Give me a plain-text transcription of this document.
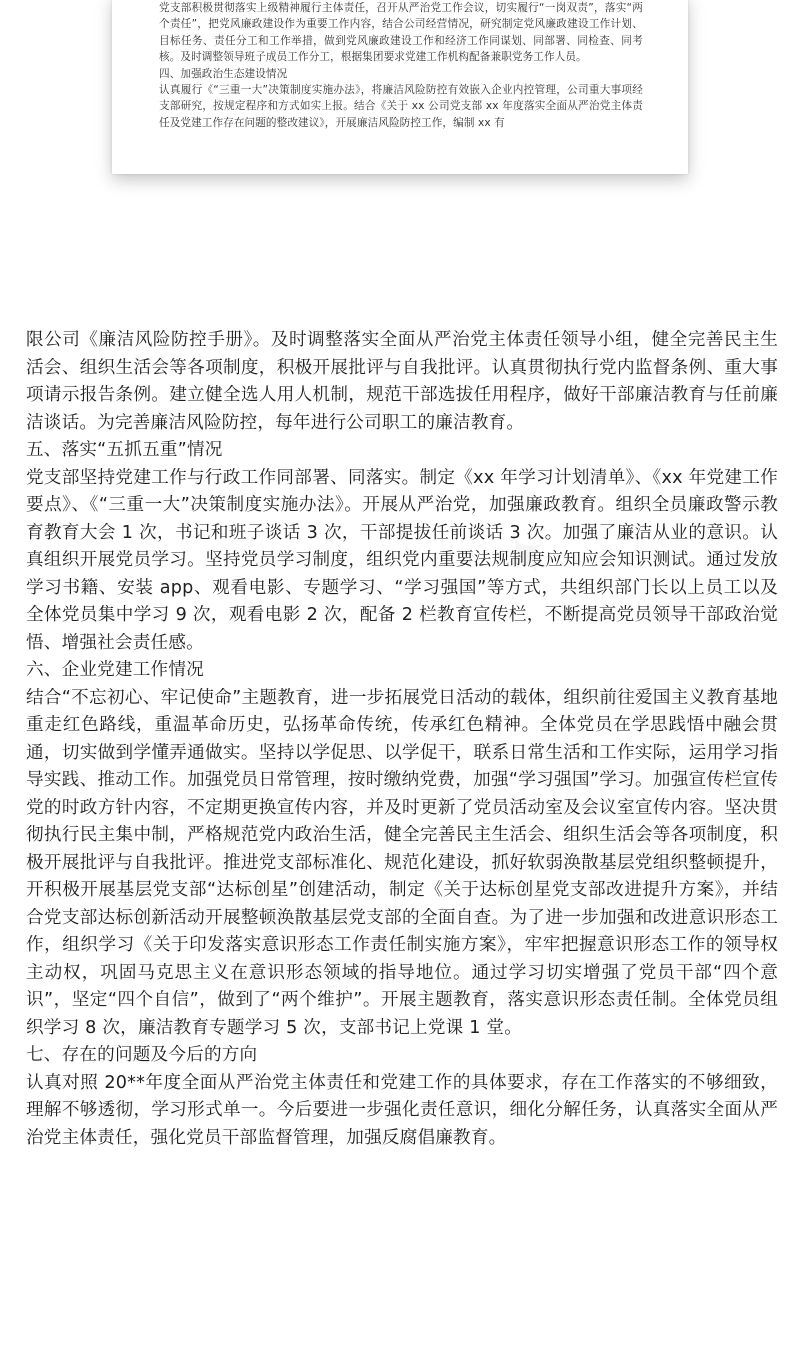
党支部积极贯彻落实上级精神履行主体责任，召开从严治党工作会议，切实履行“一岗双责”，落实“两个责任”，把党风廉政建设作为重要工作内容，结合公司经营情况，研究制定党风廉政建设工作计划、目标任务、责任分工和工作举措，做到党风廉政建设工作和经济工作同谋划、同部署、同检查、同考核。及时调整领导班子成员工作分工，根据集团要求党建工作机构配备兼职党务工作人员。

四、加强政治生态建设情况

认真履行《“三重一大”决策制度实施办法》，将廉洁风险防控有效嵌入企业内控管理，公司重大事项经支部研究，按规定程序和方式如实上报。结合《关于 xx 公司党支部 xx 年度落实全面从严治党主体责任及党建工作存在问题的整改建议》，开展廉洁风险防控工作，编制 xx 有

限公司《廉洁风险防控手册》。及时调整落实全面从严治党主体责任领导小组，健全完善民主生活会、组织生活会等各项制度，积极开展批评与自我批评。认真贯彻执行党内监督条例、重大事项请示报告条例。建立健全选人用人机制，规范干部选拔任用程序，做好干部廉洁教育与任前廉洁谈话。为完善廉洁风险防控，每年进行公司职工的廉洁教育。

五、落实“五抓五重”情况

党支部坚持党建工作与行政工作同部署、同落实。制定《xx 年学习计划清单》、《xx 年党建工作要点》、《“三重一大”决策制度实施办法》。开展从严治党，加强廉政教育。组织全员廉政警示教育教育大会 1 次，书记和班子谈话 3 次，干部提拔任前谈话 3 次。加强了廉洁从业的意识。认真组织开展党员学习。坚持党员学习制度，组织党内重要法规制度应知应会知识测试。通过发放学习书籍、安装 app、观看电影、专题学习、“学习强国”等方式，共组织部门长以上员工以及全体党员集中学习 9 次，观看电影 2 次，配备 2 栏教育宣传栏，不断提高党员领导干部政治觉悟、增强社会责任感。

六、企业党建工作情况

结合“不忘初心、牢记使命”主题教育，进一步拓展党日活动的载体，组织前往爱国主义教育基地重走红色路线，重温革命历史，弘扬革命传统，传承红色精神。全体党员在学思践悟中融会贯通，切实做到学懂弄通做实。坚持以学促思、以学促干，联系日常生活和工作实际，运用学习指导实践、推动工作。加强党员日常管理，按时缴纳党费，加强“学习强国”学习。加强宣传栏宣传党的时政方针内容，不定期更换宣传内容，并及时更新了党员活动室及会议室宣传内容。坚决贯彻执行民主集中制，严格规范党内政治生活，健全完善民主生活会、组织生活会等各项制度，积极开展批评与自我批评。推进党支部标准化、规范化建设，抓好软弱涣散基层党组织整顿提升，开积极开展基层党支部“达标创星”创建活动，制定《关于达标创星党支部改进提升方案》，并结合党支部达标创新活动开展整顿涣散基层党支部的全面自查。为了进一步加强和改进意识形态工作，组织学习《关于印发落实意识形态工作责任制实施方案》，牢牢把握意识形态工作的领导权主动权，巩固马克思主义在意识形态领域的指导地位。通过学习切实增强了党员干部“四个意识”，坚定“四个自信”，做到了“两个维护”。开展主题教育，落实意识形态责任制。全体党员组织学习 8 次，廉洁教育专题学习 5 次，支部书记上党课 1 堂。

七、存在的问题及今后的方向

认真对照 20**年度全面从严治党主体责任和党建工作的具体要求，存在工作落实的不够细致，理解不够透彻，学习形式单一。今后要进一步强化责任意识，细化分解任务，认真落实全面从严治党主体责任，强化党员干部监督管理，加强反腐倡廉教育。
